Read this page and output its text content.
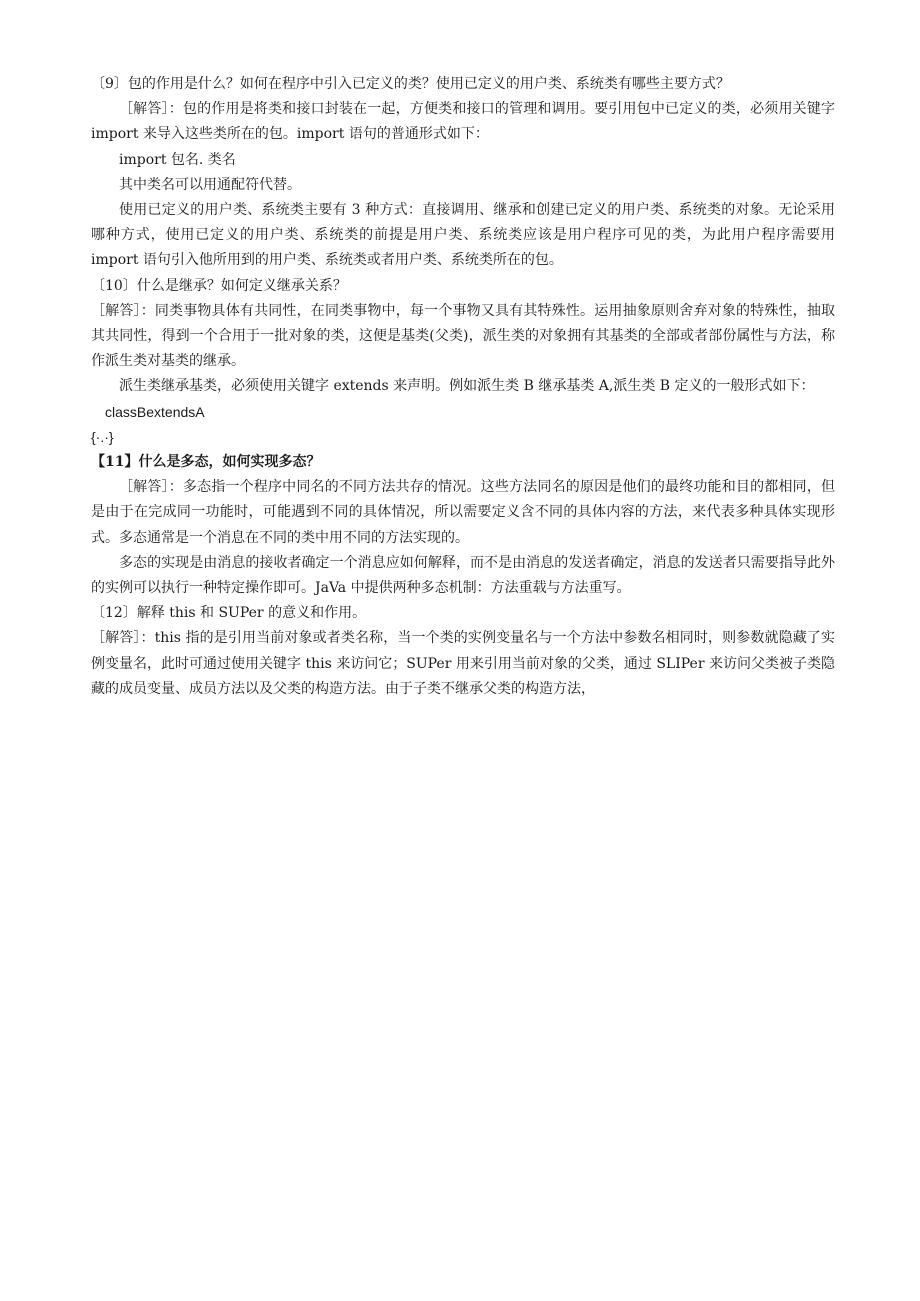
〔9〕包的作用是什么？如何在程序中引入已定义的类？使用已定义的用户类、系统类有哪些主要方式？

［解答］：包的作用是将类和接口封装在一起，方便类和接口的管理和调用。要引用包中已定义的类，必须用关键字 import 来导入这些类所在的包。import 语句的普通形式如下：

import 包名. 类名

其中类名可以用通配符代替。

使用已定义的用户类、系统类主要有 3 种方式：直接调用、继承和创建已定义的用户类、系统类的对象。无论采用哪种方式，使用已定义的用户类、系统类的前提是用户类、系统类应该是用户程序可见的类，为此用户程序需要用 import 语句引入他所用到的用户类、系统类或者用户类、系统类所在的包。

〔10〕什么是继承？如何定义继承关系？

［解答］：同类事物具体有共同性，在同类事物中，每一个事物又具有其特殊性。运用抽象原则舍弃对象的特殊性，抽取其共同性，得到一个合用于一批对象的类，这便是基类(父类)，派生类的对象拥有其基类的全部或者部份属性与方法，称作派生类对基类的继承。

派生类继承基类，必须使用关键字 extends 来声明。例如派生类 B 继承基类 A,派生类 B 定义的一般形式如下：

classBextendsA

{·.·}

【11】什么是多态，如何实现多态？

［解答］：多态指一个程序中同名的不同方法共存的情况。这些方法同名的原因是他们的最终功能和目的都相同，但是由于在完成同一功能时，可能遇到不同的具体情况，所以需要定义含不同的具体内容的方法，来代表多种具体实现形式。多态通常是一个消息在不同的类中用不同的方法实现的。

多态的实现是由消息的接收者确定一个消息应如何解释，而不是由消息的发送者确定，消息的发送者只需要指导此外的实例可以执行一种特定操作即可。JaVa 中提供两种多态机制：方法重载与方法重写。

〔12〕解释 this 和 SUPer 的意义和作用。

［解答］：this 指的是引用当前对象或者类名称，当一个类的实例变量名与一个方法中参数名相同时，则参数就隐藏了实例变量名，此时可通过使用关键字 this 来访问它；SUPer 用来引用当前对象的父类，通过 SLIPer 来访问父类被子类隐藏的成员变量、成员方法以及父类的构造方法。由于子类不继承父类的构造方法，
